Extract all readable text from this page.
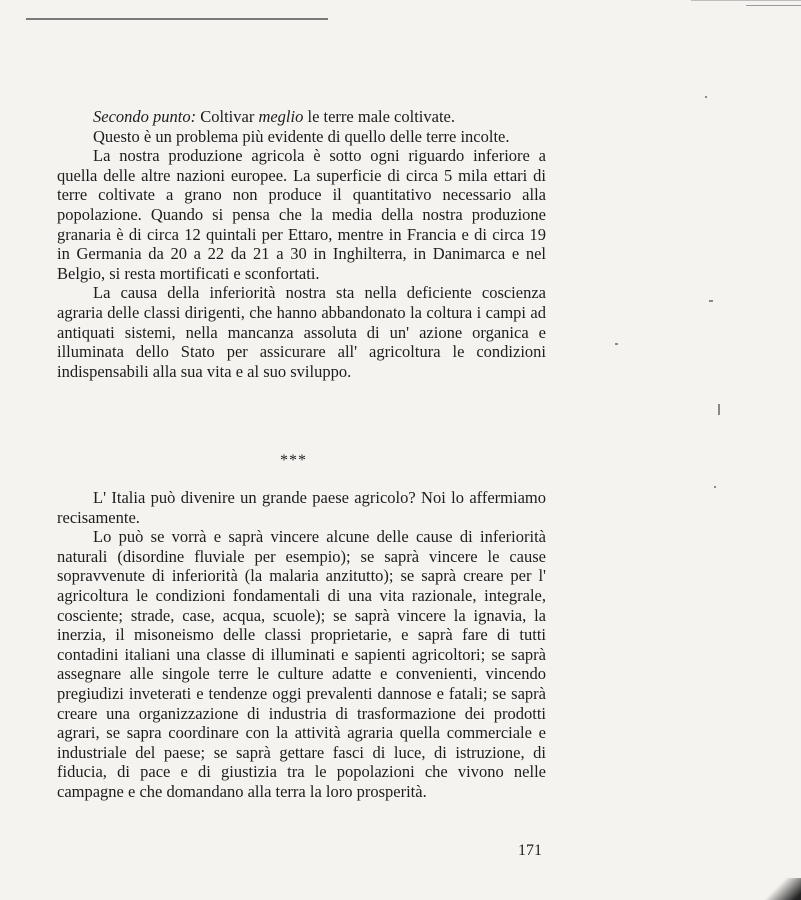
Secondo punto: Coltivar meglio le terre male coltivate.

Questo è un problema più evidente di quello delle terre incolte.

La nostra produzione agricola è sotto ogni riguardo inferiore a quella delle altre nazioni europee. La superficie di circa 5 mila ettari di terre coltivate a grano non produce il quantitativo necessario alla popolazione. Quando si pensa che la media della nostra produzione granaria è di circa 12 quintali per Ettaro, mentre in Francia e di circa 19 in Germania da 20 a 22 da 21 a 30 in Inghilterra, in Danimarca e nel Belgio, si resta mortificati e sconfortati.

La causa della inferiorità nostra sta nella deficiente coscienza agraria delle classi dirigenti, che hanno abbandonato la coltura i campi ad antiquati sistemi, nella mancanza assoluta di un' azione organica e illuminata dello Stato per assicurare all' agricoltura le condizioni indispensabili alla sua vita e al suo sviluppo.

***

L' Italia può divenire un grande paese agricolo? Noi lo affermiamo recisamente.

Lo può se vorrà e saprà vincere alcune delle cause di inferiorità naturali (disordine fluviale per esempio); se saprà vincere le cause sopravvenute di inferiorità (la malaria anzitutto); se saprà creare per l' agricoltura le condizioni fondamentali di una vita razionale, integrale, cosciente; strade, case, acqua, scuole); se saprà vincere la ignavia, la inerzia, il misoneismo delle classi proprietarie, e saprà fare di tutti contadini italiani una classe di illuminati e sapienti agricoltori; se saprà assegnare alle singole terre le culture adatte e convenienti, vincendo pregiudizi inveterati e tendenze oggi prevalenti dannose e fatali; se saprà creare una organizzazione di industria di trasformazione dei prodotti agrari, se sapra coordinare con la attività agraria quella commerciale e industriale del paese; se saprà gettare fasci di luce, di istruzione, di fiducia, di pace e di giustizia tra le popolazioni che vivono nelle campagne e che domandano alla terra la loro prosperità.

171
